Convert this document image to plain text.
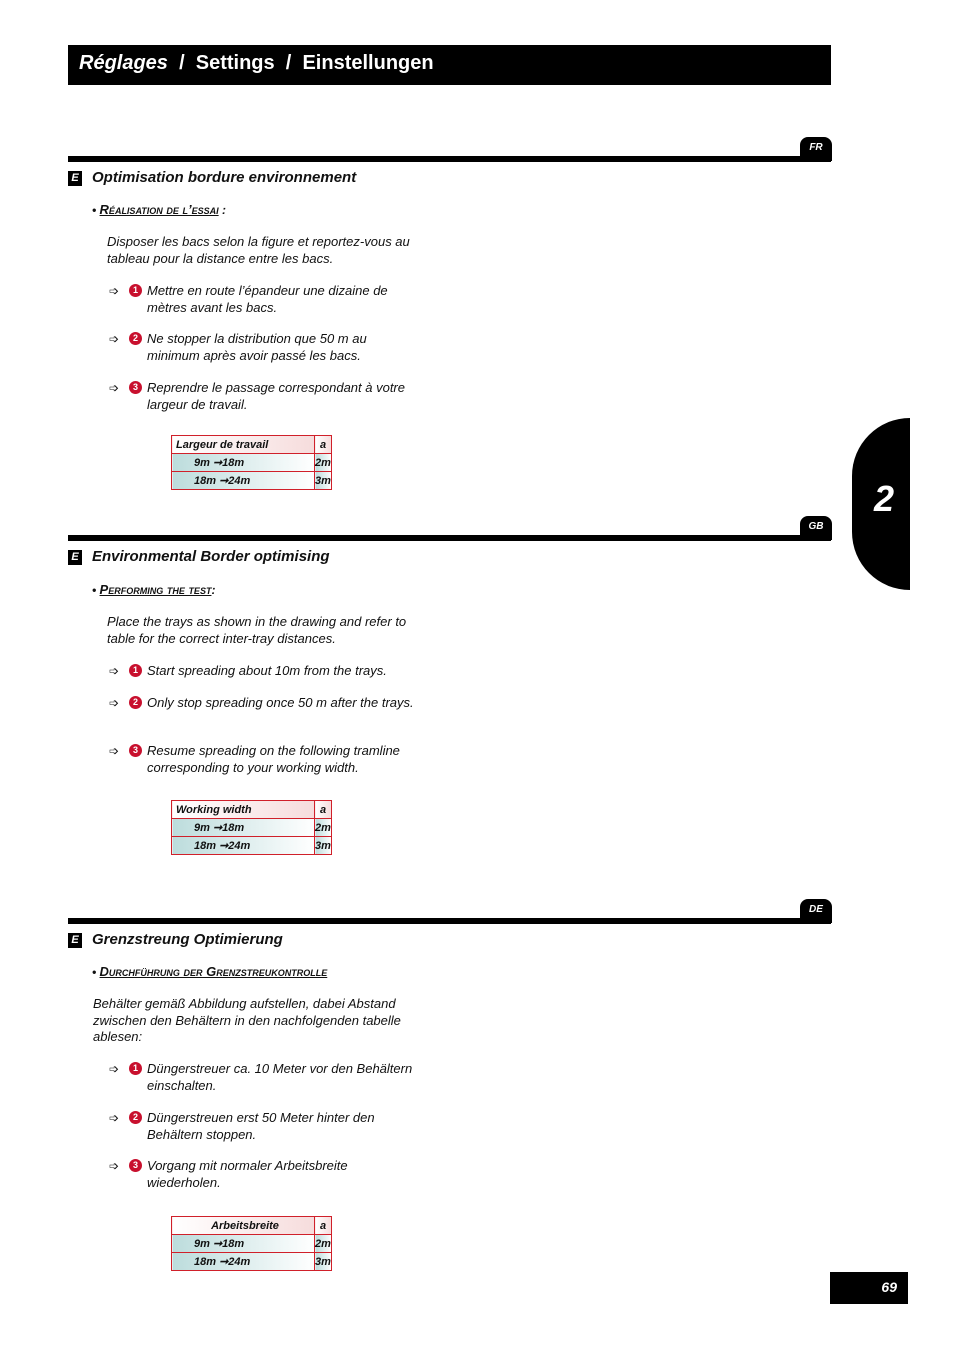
Réglages / Settings / Einstellungen
2
FR
E Optimisation bordure environnement
• Réalisation de l’essai :
Disposer les bacs selon la figure et reportez-vous au tableau pour la distance entre les bacs.
➩	1 Mettre en route l’épandeur une dizaine de mètres avant les bacs.
➩	2 Ne stopper la distribution que 50 m au minimum après avoir passé les bacs.
➩	3 Reprendre le passage correspondant à votre largeur de travail.
Largeur de travail	a
9m ➞18m	2m
18m ➞24m	3m
GB
E Environmental Border optimising
• Performing the test:
Place the trays as shown in the drawing and refer to table for the correct inter-tray distances.
➩	1 Start spreading about 10m from the trays.
➩	2 Only stop spreading once 50 m after the trays.
➩	3 Resume spreading on the following tramline corresponding to your working width.
Working width	a
9m ➞18m	2m
18m ➞24m	3m
DE
E Grenzstreung Optimierung
• Durchführung der Grenzstreukontrolle
Behälter gemäß Abbildung aufstellen, dabei Abstand zwischen den Behältern in den nachfolgenden tabelle ablesen:
➩	1 Düngerstreuer ca. 10 Meter vor den Behältern einschalten.
➩	2 Düngerstreuen erst 50 Meter hinter den Behältern stoppen.
➩	3 Vorgang mit normaler Arbeitsbreite wiederholen.
Arbeitsbreite	a
9m ➞18m	2m
18m ➞24m	3m
69
